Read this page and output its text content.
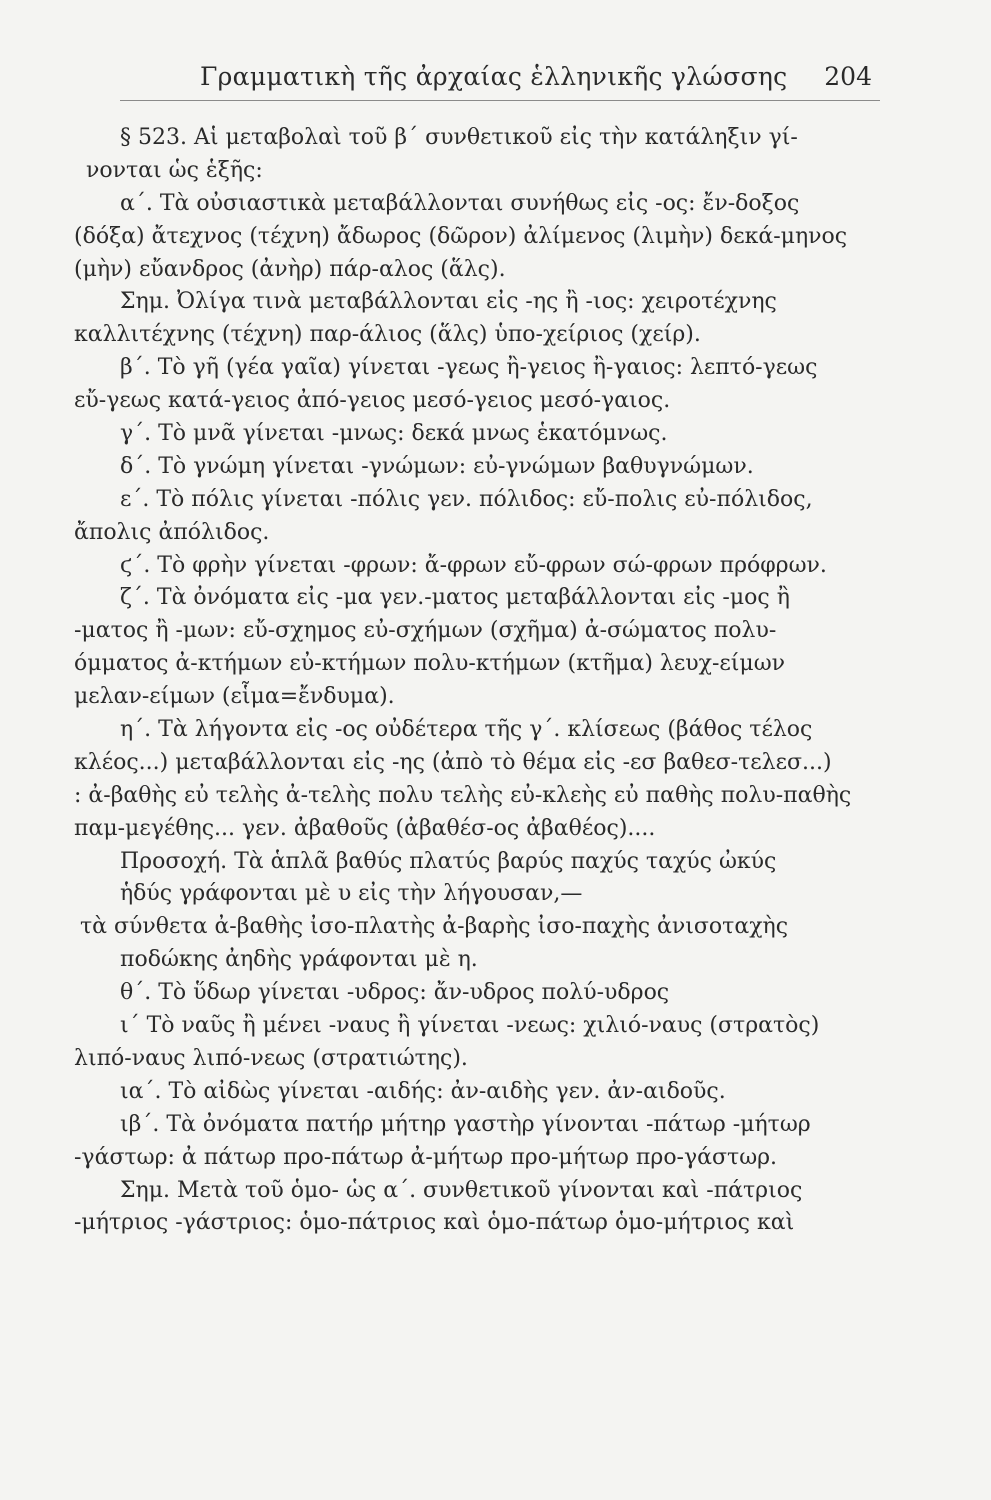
Γραμματικὴ τῆς ἀρχαίας ἑλληνικῆς γλώσσης 204
§ 523. Αἱ μεταβολαὶ τοῦ β΄ συνθετικοῦ εἰς τὴν κατάληξιν γί-
νονται ὡς ἑξῆς:
α΄. Τὰ οὐσιαστικὰ μεταβάλλονται συνήθως εἰς -ος: ἔν-δοξος
(δόξα) ἄτεχνος (τέχνη) ἄδωρος (δῶρον) ἀλίμενος (λιμὴν) δεκά-μηνος
(μὴν) εὔανδρος (ἀνὴρ) πάρ-αλος (ἅλς).
Σημ. Ὀλίγα τινὰ μεταβάλλονται εἰς -ης ἢ -ιος: χειροτέχνης
καλλιτέχνης (τέχνη) παρ-άλιος (ἅλς) ὑπο-χείριος (χείρ).
β΄. Τὸ γῆ (γέα γαῖα) γίνεται -γεως ἢ-γειος ἢ-γαιος: λεπτό-γεως
εὔ-γεως κατά-γειος ἀπό-γειος μεσό-γειος μεσό-γαιος.
γ΄. Τὸ μνᾶ γίνεται -μνως: δεκά μνως ἑκατόμνως.
δ΄. Τὸ γνώμη γίνεται -γνώμων: εὐ-γνώμων βαθυγνώμων.
ε΄. Τὸ πόλις γίνεται -πόλις γεν. πόλιδος: εὔ-πολις εὐ-πόλιδος,
ἄπολις ἀπόλιδος.
ϛ΄. Τὸ φρὴν γίνεται -φρων: ἄ-φρων εὔ-φρων σώ-φρων πρόφρων.
ζ΄. Τὰ ὀνόματα εἰς -μα γεν.-ματος μεταβάλλονται εἰς -μος ἢ
-ματος ἢ -μων: εὔ-σχημος εὐ-σχήμων (σχῆμα) ἀ-σώματος πολυ-
όμματος ἀ-κτήμων εὐ-κτήμων πολυ-κτήμων (κτῆμα) λευχ-είμων
μελαν-είμων (εἷμα=ἔνδυμα).
η΄. Τὰ λήγοντα εἰς -ος οὐδέτερα τῆς γ΄. κλίσεως (βάθος τέλος
κλέος...) μεταβάλλονται εἰς -ης (ἀπὸ τὸ θέμα εἰς -εσ βαθεσ-τελεσ...)
: ἀ-βαθὴς εὐ τελὴς ἀ-τελὴς πολυ τελὴς εὐ-κλεὴς εὐ παθὴς πολυ-παθὴς
παμ-μεγέθης... γεν. ἀβαθοῦς (ἀβαθέσ-ος ἀβαθέος)....
Προσοχή. Τὰ ἁπλᾶ βαθύς πλατύς βαρύς παχύς ταχύς ὠκύς
ἡδύς γράφονται μὲ υ εἰς τὴν λήγουσαν,—
τὰ σύνθετα ἀ-βαθὴς ἰσο-πλατὴς ἀ-βαρὴς ἰσο-παχὴς ἀνισοταχὴς
ποδώκης ἀηδὴς γράφονται μὲ η.
θ΄. Τὸ ὕδωρ γίνεται -υδρος: ἄν-υδρος πολύ-υδρος
ι΄ Τὸ ναῦς ἢ μένει -ναυς ἢ γίνεται -νεως: χιλιό-ναυς (στρατὸς)
λιπό-ναυς λιπό-νεως (στρατιώτης).
ια΄. Τὸ αἰδὼς γίνεται -αιδής: ἀν-αιδὴς γεν. ἀν-αιδοῦς.
ιβ΄. Τὰ ὀνόματα πατήρ μήτηρ γαστὴρ γίνονται -πάτωρ -μήτωρ
-γάστωρ: ἀ πάτωρ προ-πάτωρ ἀ-μήτωρ προ-μήτωρ προ-γάστωρ.
Σημ. Μετὰ τοῦ ὁμο- ὡς α΄. συνθετικοῦ γίνονται καὶ -πάτριος
-μήτριος -γάστριος: ὁμο-πάτριος καὶ ὁμο-πάτωρ ὁμο-μήτριος καὶ
